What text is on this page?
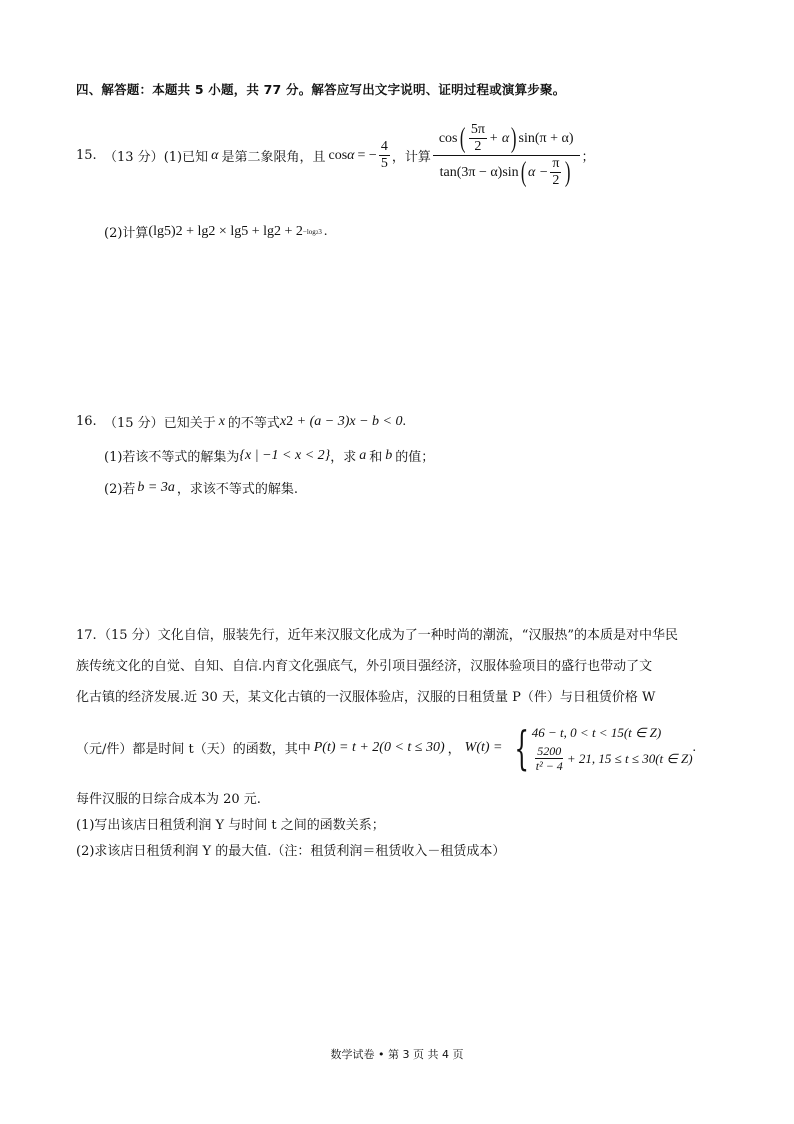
四、解答题：本题共 5 小题，共 77 分。解答应写出文字说明、证明过程或演算步聚。
15. （13 分） (1)已知 α 是第二象限角，且 cos α = − $\frac{4}{5}$ ，计算
cos ( $\frac{5\pi}{2} + \alpha$ ) sin(π + α)
tan(3π − α)sin ( $\alpha - \frac{\pi}{2}$ ) ；
(2)计算 (lg5) 2 + lg2 × lg5 + lg2 + 2 −log23 .
16. （15 分） 已知关于 x 的不等式 x 2 + (a − 3)x − b < 0 .
(1)若该不等式的解集为 {x | −1 < x < 2} ，求 a 和 b 的值；
(2)若 b = 3a ，求该不等式的解集.
17.（15 分）文化自信，服装先行，近年来汉服文化成为了一种时尚的潮流，“汉服热”的本质是对中华民
族传统文化的自觉、自知、自信.内育文化强底气，外引项目强经济，汉服体验项目的盛行也带动了文
化古镇的经济发展.近 30 天，某文化古镇的一汉服体验店，汉服的日租赁量 P（件）与日租赁价格 W
（元/件）都是时间 t（天）的函数，其中 P(t) = t + 2(0 < t ≤ 30) ， W(t) = { 46 − t, 0 < t < 15(t ∈ Z)
$\frac{5200}{\text{t² − 4}} + 21$, 15 ≤ t ≤ 30(t ∈ Z)
.
每件汉服的日综合成本为 20 元.
(1)写出该店日租赁利润 Y 与时间 t 之间的函数关系；
(2)求该店日租赁利润 Y 的最大值.（注：租赁利润＝租赁收入－租赁成本）
数学试卷 • 第 3 页 共 4 页
